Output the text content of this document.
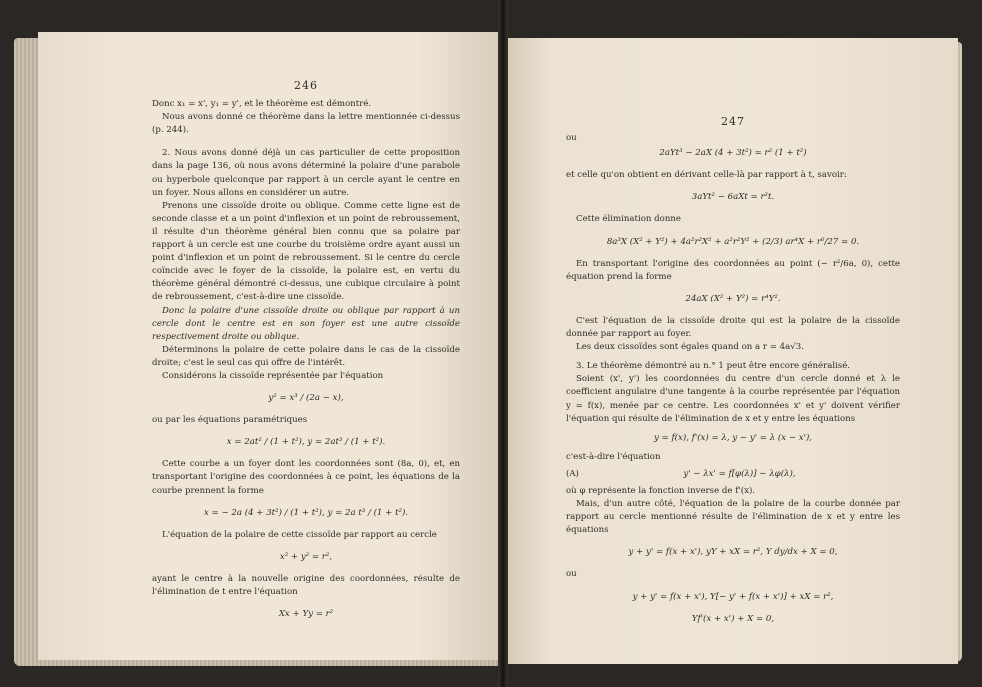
246

Donc x₁ = x', y₁ = y', et le théorème est démontré.

Nous avons donné ce théorème dans la lettre mentionnée ci-dessus (p. 244).

2. Nous avons donné déjà un cas particulier de cette proposition dans la page 136, où nous avons déterminé la polaire d'une parabole ou hyperbole quelconque par rapport à un cercle ayant le centre en un foyer. Nous allons en considérer un autre.

Prenons une cissoïde droite ou oblique. Comme cette ligne est de seconde classe et a un point d'inflexion et un point de rebroussement, il résulte d'un théorème général bien connu que sa polaire par rapport à un cercle est une courbe du troisième ordre ayant aussi un point d'inflexion et un point de rebroussement. Si le centre du cercle coïncide avec le foyer de la cissoïde, la polaire est, en vertu du théorème général démontré ci-dessus, une cubique circulaire à point de rebroussement, c'est-à-dire une cissoïde.

Donc la polaire d'une cissoïde droite ou oblique par rapport à un cercle dont le centre est en son foyer est une autre cissoïde respectivement droite ou oblique.

Déterminons la polaire de cette polaire dans le cas de la cissoïde droite; c'est le seul cas qui offre de l'intérêt.

Considérons la cissoïde représentée par l'équation

y² = x³ / (2a − x),

ou par les équations paramétriques

x = 2at² / (1 + t²), y = 2at³ / (1 + t²).

Cette courbe a un foyer dont les coordonnées sont (8a, 0), et, en transportant l'origine des coordonnées à ce point, les équations de la courbe prennent la forme

x = − 2a (4 + 3t²) / (1 + t²), y = 2a t³ / (1 + t²).

L'équation de la polaire de cette cissoïde par rapport au cercle

x² + y² = r²,

ayant le centre à la nouvelle origine des coordonnées, résulte de l'élimination de t entre l'équation

Xx + Yy = r²
247

ou

2aYt³ − 2aX (4 + 3t²) = r² (1 + t²)

et celle qu'on obtient en dérivant celle-là par rapport à t, savoir:

3aYt² − 6aXt = r²t.

Cette élimination donne

8a³X (X² + Y²) + 4a²r²X² + a²r²Y² + (2/3) ar⁴X + r⁶/27 = 0.

En transportant l'origine des coordonnées au point (− r²/6a, 0), cette équation prend la forme

24aX (X² + Y²) = r⁴Y².

C'est l'équation de la cissoïde droite qui est la polaire de la cissoïde donnée par rapport au foyer.

Les deux cissoïdes sont égales quand on a r = 4a√3.

3. Le théorème démontré au n.° 1 peut être encore généralisé.

Soient (x', y') les coordonnées du centre d'un cercle donné et λ le coefficient angulaire d'une tangente à la courbe représentée par l'équation y = f(x), menée par ce centre. Les coordonnées x' et y' doivent vérifier l'équation qui résulte de l'élimination de x et y entre les équations

y = f(x), f'(x) = λ, y − y' = λ (x − x'),

c'est-à-dire l'équation

(A)	y' − λx' = f[φ(λ)] − λφ(λ),

où φ représente la fonction inverse de f'(x).

Mais, d'un autre côté, l'équation de la polaire de la courbe donnée par rapport au cercle mentionné résulte de l'élimination de x et y entre les équations

y + y' = f(x + x'), yY + xX = r², Y dy/dx + X = 0,

ou

y + y' = f(x + x'), Y[− y' + f(x + x')] + xX = r²,
Yf'(x + x') + X = 0,
